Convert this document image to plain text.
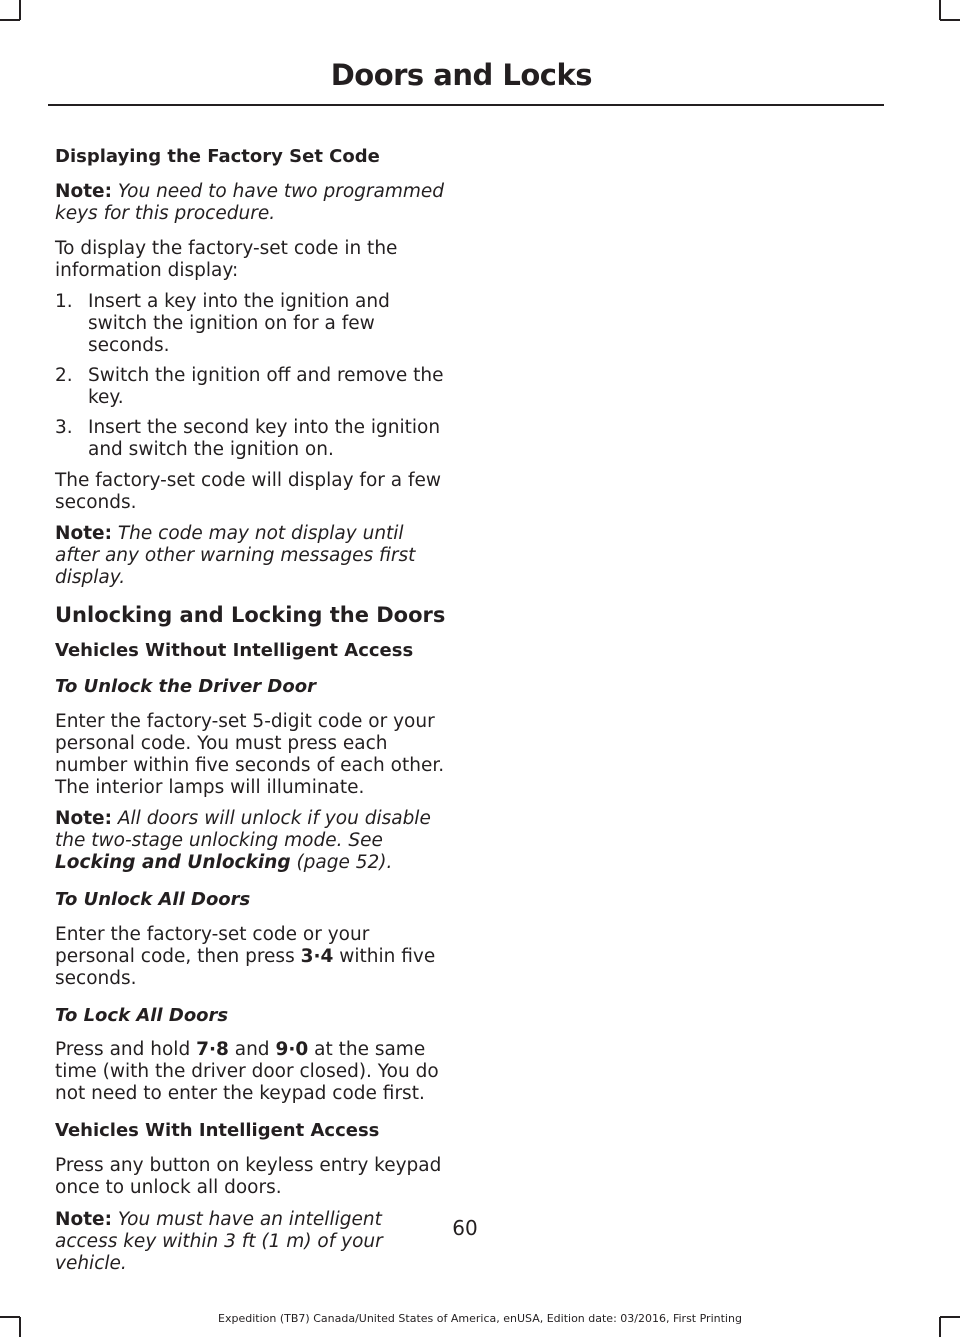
Doors and Locks

Displaying the Factory Set Code

Note: You need to have two programmed keys for this procedure.

To display the factory-set code in the information display:

1. Insert a key into the ignition and switch the ignition on for a few seconds.
2. Switch the ignition off and remove the key.
3. Insert the second key into the ignition and switch the ignition on.

The factory-set code will display for a few seconds.

Note: The code may not display until after any other warning messages first display.

Unlocking and Locking the Doors

Vehicles Without Intelligent Access

To Unlock the Driver Door

Enter the factory-set 5-digit code or your personal code. You must press each number within five seconds of each other. The interior lamps will illuminate.

Note: All doors will unlock if you disable the two-stage unlocking mode. See Locking and Unlocking (page 52).

To Unlock All Doors

Enter the factory-set code or your personal code, then press 3·4 within five seconds.

To Lock All Doors

Press and hold 7·8 and 9·0 at the same time (with the driver door closed). You do not need to enter the keypad code first.

Vehicles With Intelligent Access

Press any button on keyless entry keypad once to unlock all doors.

Note: You must have an intelligent access key within 3 ft (1 m) of your vehicle.

60
Expedition (TB7) Canada/United States of America, enUSA, Edition date: 03/2016, First Printing
